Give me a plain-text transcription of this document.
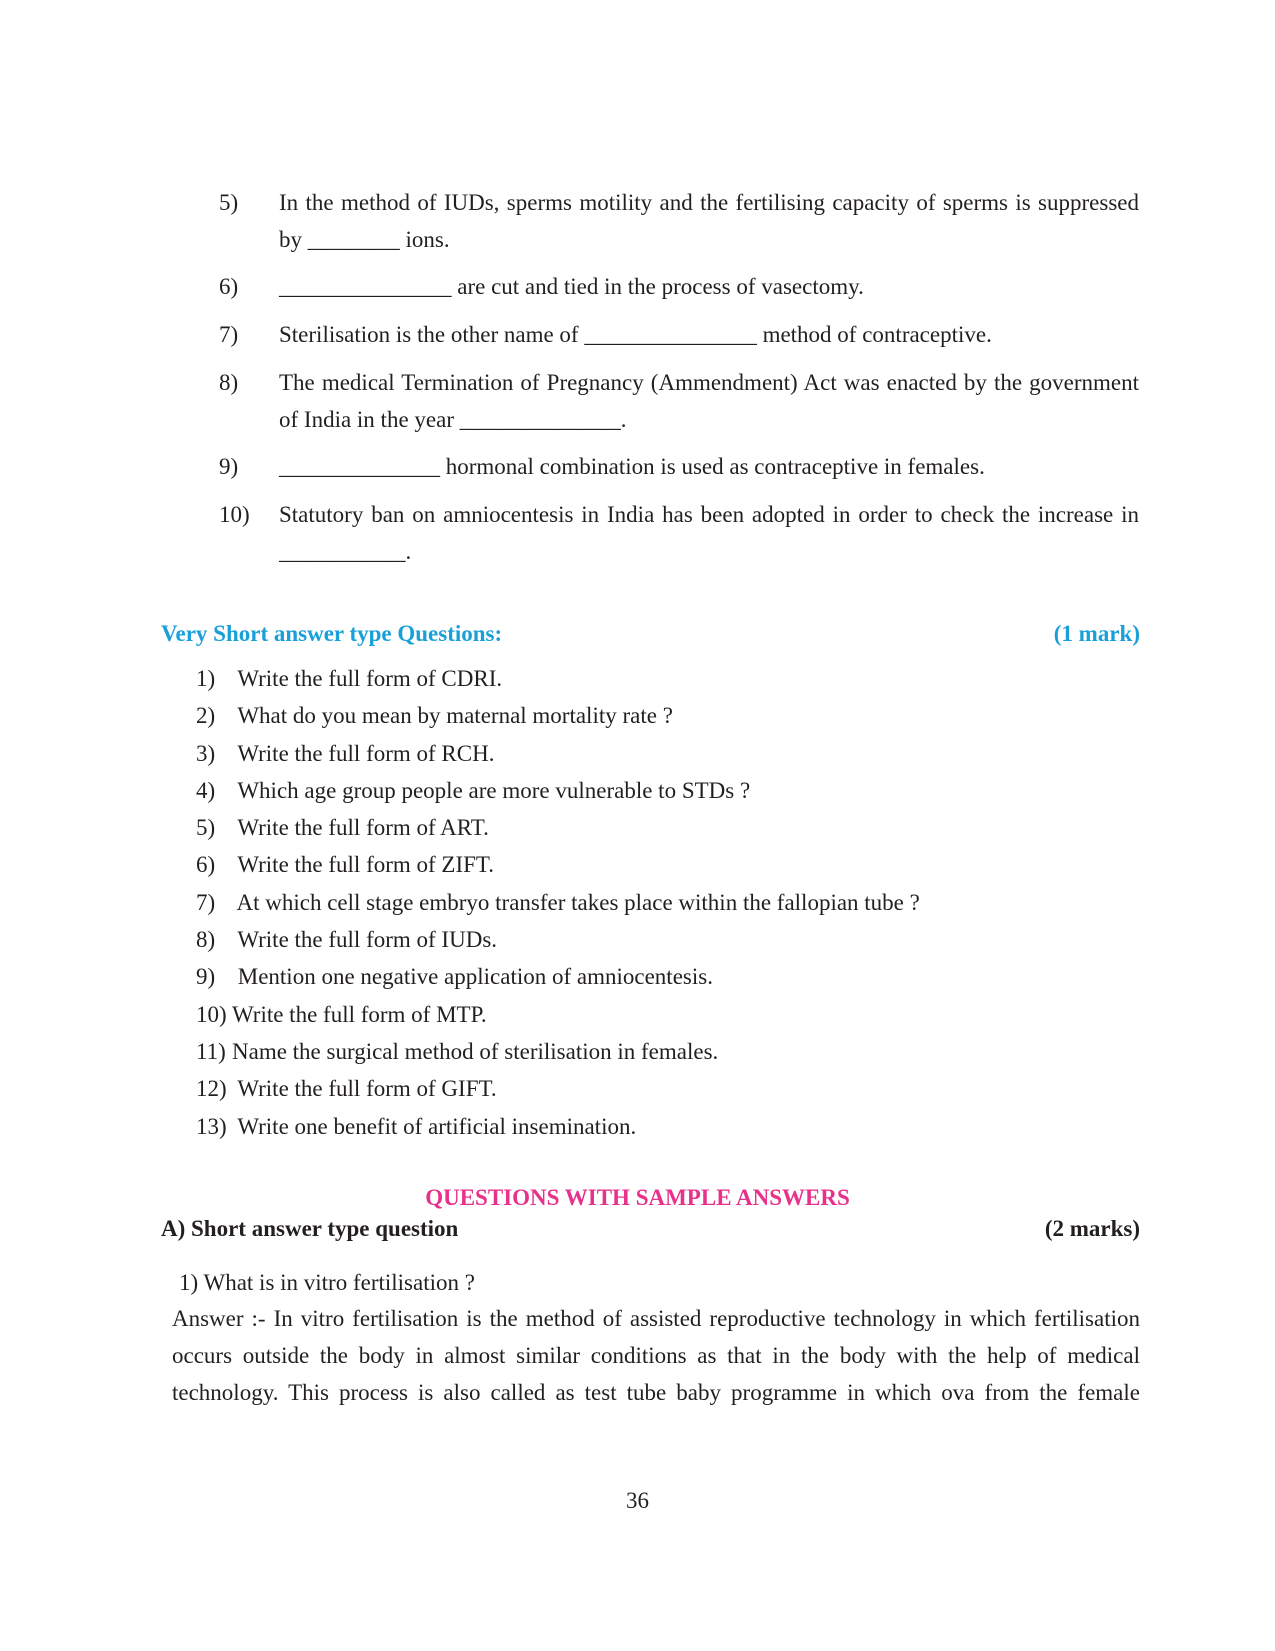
5) In the method of IUDs, sperms motility and the fertilising capacity of sperms is suppressed by ________ ions.
6) _______________ are cut and tied in the process of vasectomy.
7) Sterilisation is the other name of _______________ method of contraceptive.
8) The medical Termination of Pregnancy (Ammendment) Act was enacted by the government of India in the year ______________.
9) ______________ hormonal combination is used as contraceptive in females.
10) Statutory ban on amniocentesis in India has been adopted in order to check the increase in ___________.
Very Short answer type Questions:	(1 mark)
1) Write the full form of CDRI.
2) What do you mean by maternal mortality rate ?
3) Write the full form of RCH.
4) Which age group people are more vulnerable to STDs ?
5) Write the full form of ART.
6) Write the full form of ZIFT.
7) At which cell stage embryo transfer takes place within the fallopian tube ?
8) Write the full form of IUDs.
9) Mention one negative application of amniocentesis.
10) Write the full form of MTP.
11) Name the surgical method of sterilisation in females.
12) Write the full form of GIFT.
13) Write one benefit of artificial insemination.
QUESTIONS WITH SAMPLE ANSWERS
A) Short answer type question	(2 marks)
1) What is in vitro fertilisation ?
Answer :- In vitro fertilisation is the method of assisted reproductive technology in which fertilisation occurs outside the body in almost similar conditions as that in the body with the help of medical technology. This process is also called as test tube baby programme in which ova from the female
36
